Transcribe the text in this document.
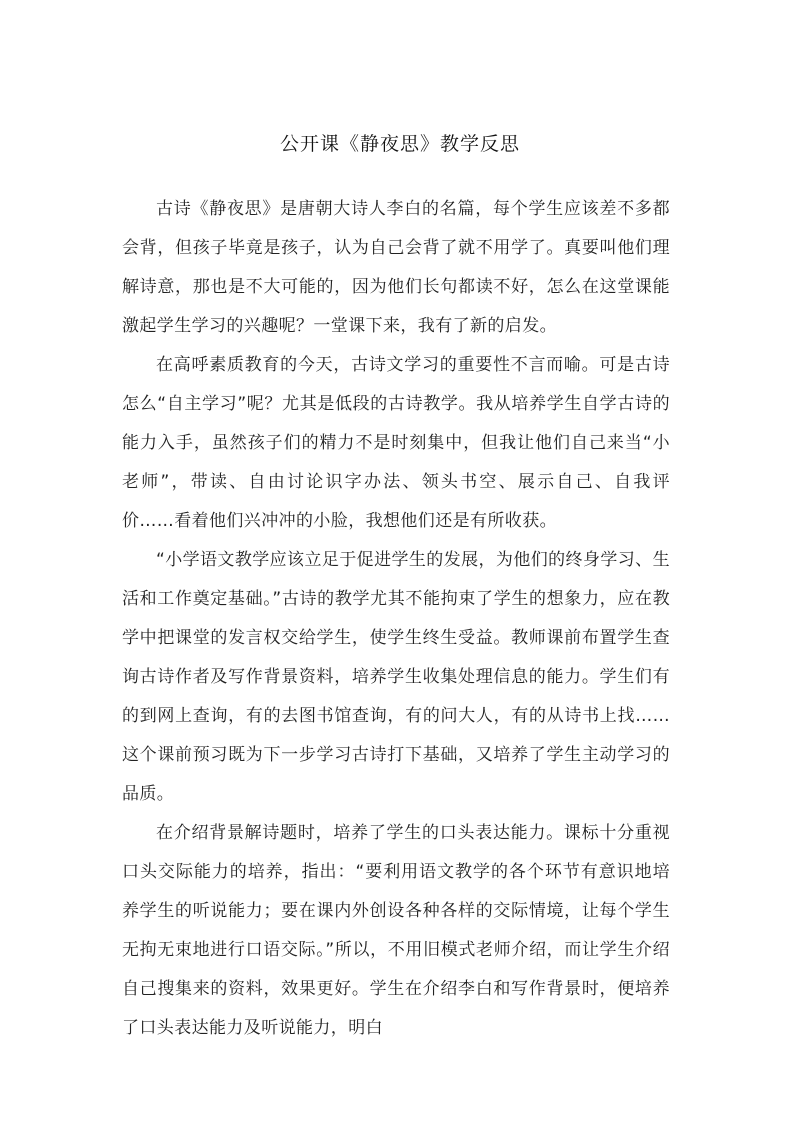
公开课《静夜思》教学反思

古诗《静夜思》是唐朝大诗人李白的名篇，每个学生应该差不多都会背，但孩子毕竟是孩子，认为自己会背了就不用学了。真要叫他们理解诗意，那也是不大可能的，因为他们长句都读不好，怎么在这堂课能激起学生学习的兴趣呢？一堂课下来，我有了新的启发。

在高呼素质教育的今天，古诗文学习的重要性不言而喻。可是古诗怎么“自主学习”呢？尤其是低段的古诗教学。我从培养学生自学古诗的能力入手，虽然孩子们的精力不是时刻集中，但我让他们自己来当“小老师”，带读、自由讨论识字办法、领头书空、展示自己、自我评价……看着他们兴冲冲的小脸，我想他们还是有所收获。

“小学语文教学应该立足于促进学生的发展，为他们的终身学习、生活和工作奠定基础。”古诗的教学尤其不能拘束了学生的想象力，应在教学中把课堂的发言权交给学生，使学生终生受益。教师课前布置学生查询古诗作者及写作背景资料，培养学生收集处理信息的能力。学生们有的到网上查询，有的去图书馆查询，有的问大人，有的从诗书上找……这个课前预习既为下一步学习古诗打下基础，又培养了学生主动学习的品质。

在介绍背景解诗题时，培养了学生的口头表达能力。课标十分重视口头交际能力的培养，指出：“要利用语文教学的各个环节有意识地培养学生的听说能力；要在课内外创设各种各样的交际情境，让每个学生无拘无束地进行口语交际。”所以，不用旧模式老师介绍，而让学生介绍自己搜集来的资料，效果更好。学生在介绍李白和写作背景时，便培养了口头表达能力及听说能力，明白
